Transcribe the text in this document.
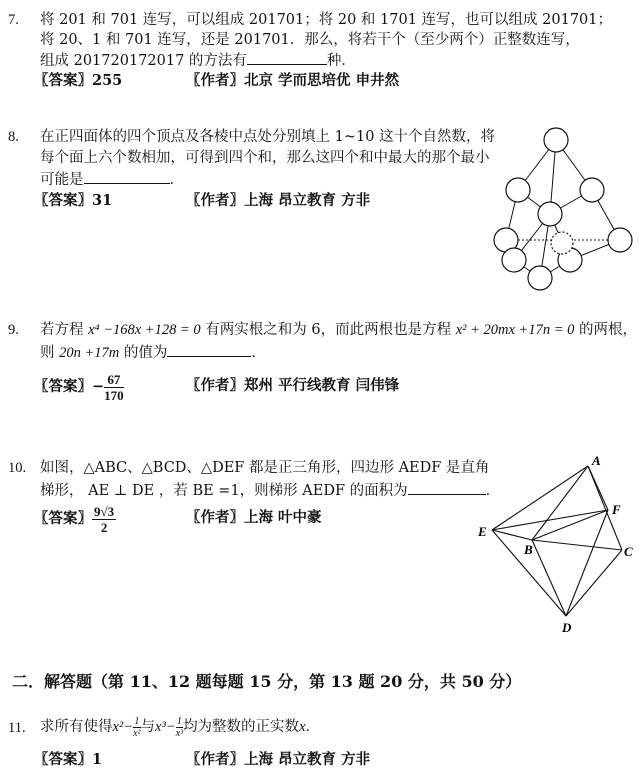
7. 将 201 和 701 连写，可以组成 201701；将 20 和 1701 连写，也可以组成 201701；
将 20、1 和 701 连写，还是 201701．那么，将若干个（至少两个）正整数连写，
组成 201720172017 的方法有	种．
〖答案〗255	〖作者〗北京 学而思培优 申井然
8. 在正四面体的四个顶点及各棱中点处分别填上 1~10 这十个自然数，将
每个面上六个数相加，可得到四个和，那么这四个和中最大的那个最小
可能是	．
〖答案〗31	〖作者〗上海 昂立教育 方非
9. 若方程 x⁴ −168x +128 = 0 有两实根之和为 6，而此两根也是方程 x² + 20mx +17n = 0 的两根，
则 20n +17m 的值为	．
〖答案〗 − $\frac{67}{170}$	〖作者〗郑州 平行线教育 闫伟锋
10. 如图，△ABC、△BCD、△DEF 都是正三角形，四边形 AEDF 是直角
梯形， AE ⊥ DE ，若 BE =1，则梯形 AEDF 的面积为	．
〖答案〗 $\frac{9√3}{2}$	〖作者〗上海 叶中豪
A
F
E
B	C
D
二．解答题（第 11、12 题每题 15 分，第 13 题 20 分，共 50 分）
11. 求所有使得 $x^2 - \frac{1}{\text{x²}}$ 与 $x^3 - \frac{1}{\text{x³}}$ 均为整数的正实数 x ．
〖答案〗1	〖作者〗上海 昂立教育 方非
